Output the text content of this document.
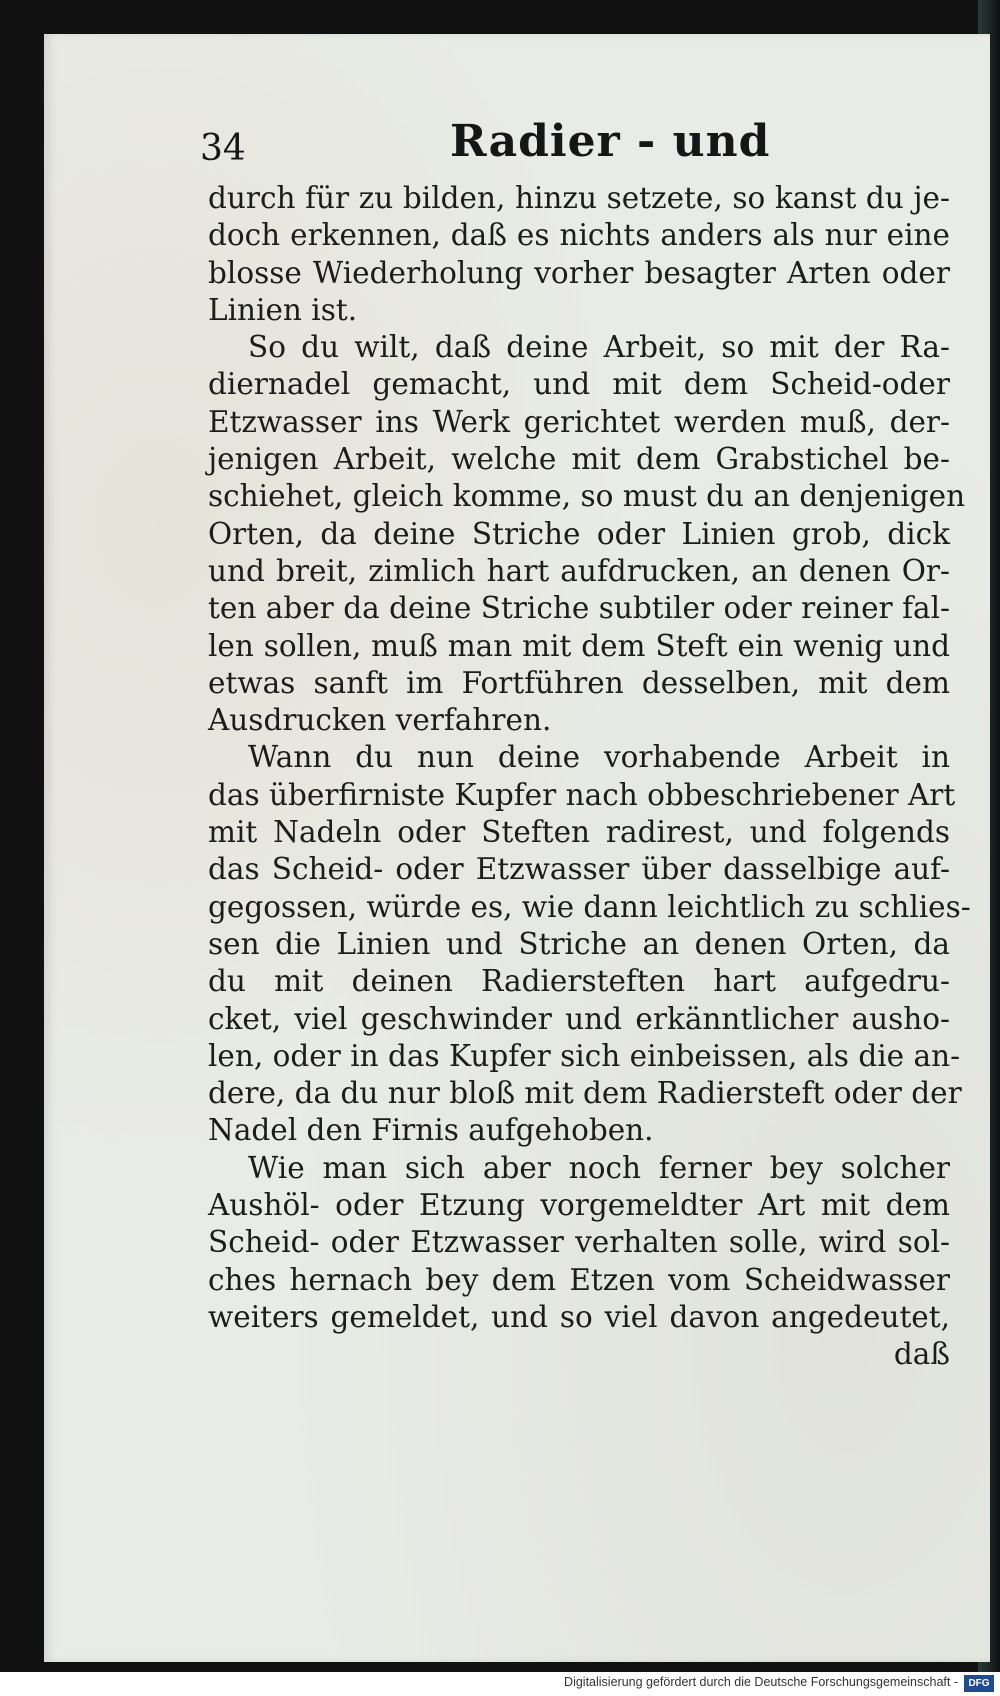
34	Radier - und
durch für zu bilden, hinzu setzete, so kanst du je-
doch erkennen, daß es nichts anders als nur eine
blosse Wiederholung vorher besagter Arten oder
Linien ist.
So du wilt, daß deine Arbeit, so mit der Ra-
diernadel gemacht, und mit dem Scheid-oder
Etzwasser ins Werk gerichtet werden muß, der-
jenigen Arbeit, welche mit dem Grabstichel be-
schiehet, gleich komme, so must du an denjenigen
Orten, da deine Striche oder Linien grob, dick
und breit, zimlich hart aufdrucken, an denen Or-
ten aber da deine Striche subtiler oder reiner fal-
len sollen, muß man mit dem Steft ein wenig und
etwas sanft im Fortführen desselben, mit dem
Ausdrucken verfahren.
Wann du nun deine vorhabende Arbeit in
das überfirniste Kupfer nach obbeschriebener Art
mit Nadeln oder Steften radirest, und folgends
das Scheid- oder Etzwasser über dasselbige auf-
gegossen, würde es, wie dann leichtlich zu schlies-
sen die Linien und Striche an denen Orten, da
du mit deinen Radiersteften hart aufgedru-
cket, viel geschwinder und erkänntlicher ausho-
len, oder in das Kupfer sich einbeissen, als die an-
dere, da du nur bloß mit dem Radiersteft oder der
Nadel den Firnis aufgehoben.
Wie man sich aber noch ferner bey solcher
Aushöl- oder Etzung vorgemeldter Art mit dem
Scheid- oder Etzwasser verhalten solle, wird sol-
ches hernach bey dem Etzen vom Scheidwasser
weiters gemeldet, und so viel davon angedeutet,
daß
Digitalisierung gefördert durch die Deutsche Forschungsgemeinschaft -	DFG
